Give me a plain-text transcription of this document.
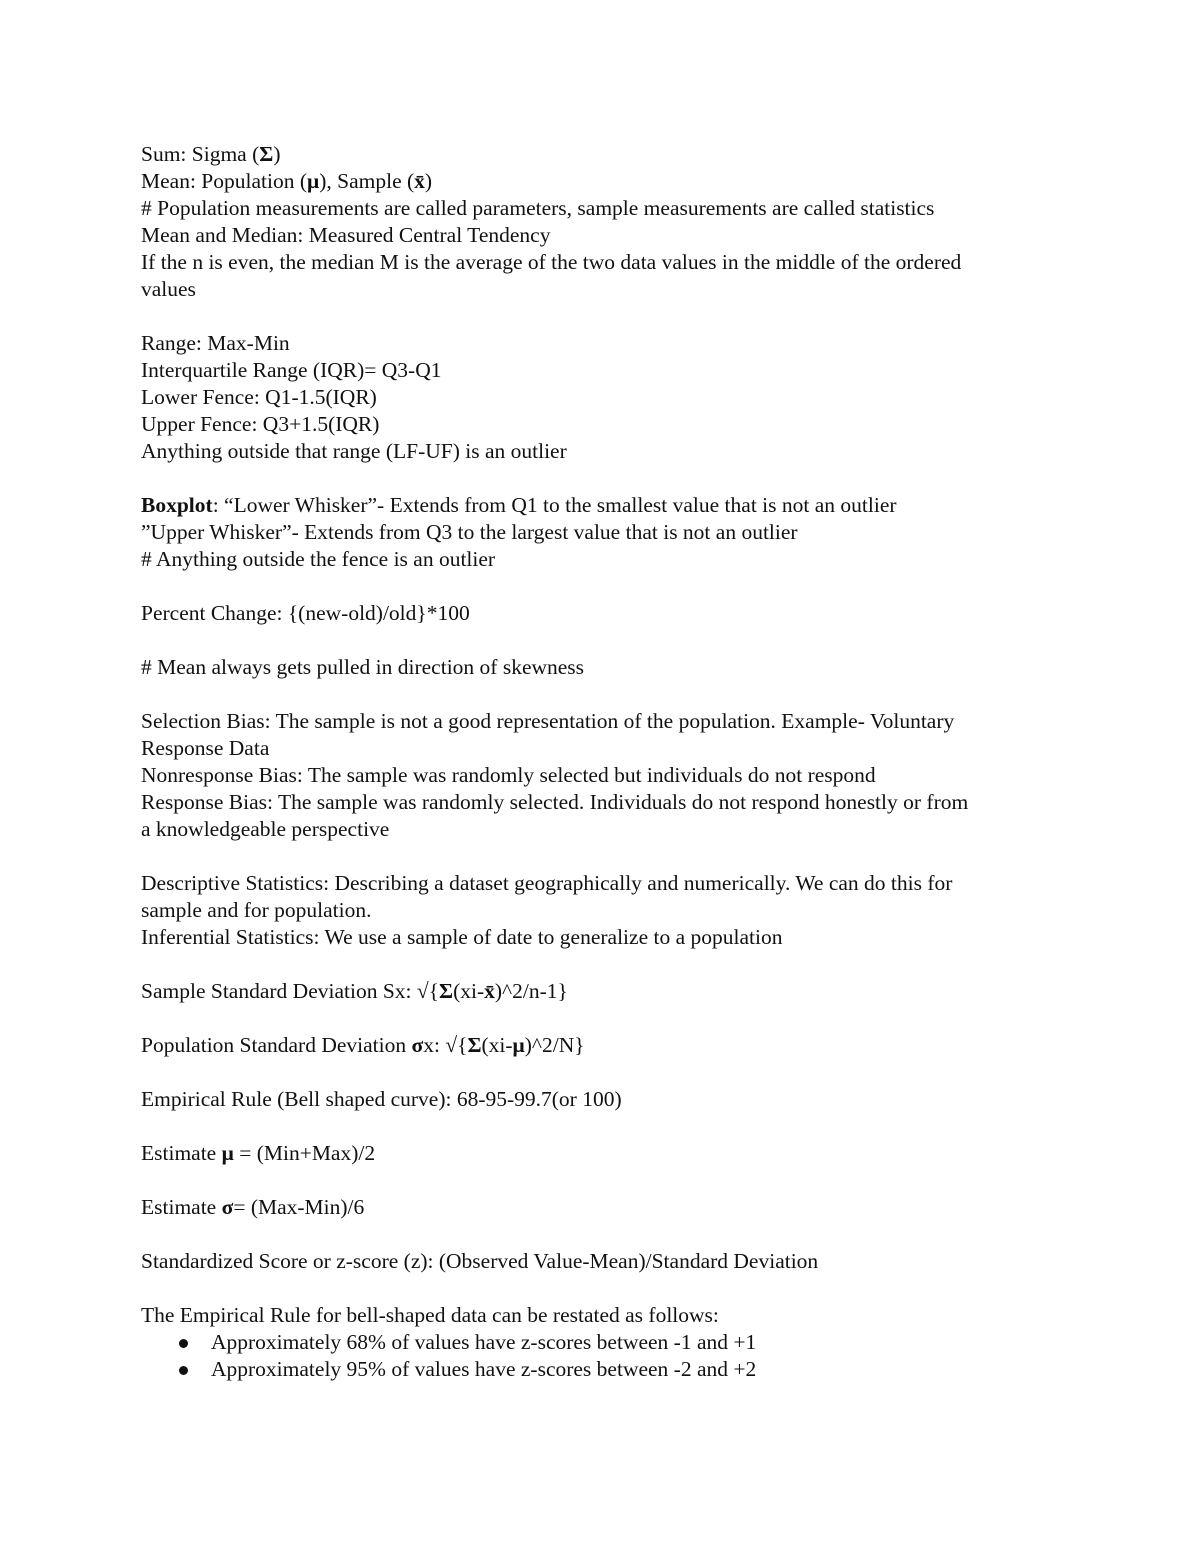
Sum: Sigma (Σ)
Mean: Population (μ), Sample (x̄)
# Population measurements are called parameters, sample measurements are called statistics
Mean and Median: Measured Central Tendency
If the n is even, the median M is the average of the two data values in the middle of the ordered
values
Range: Max-Min
Interquartile Range (IQR)= Q3-Q1
Lower Fence: Q1-1.5(IQR)
Upper Fence: Q3+1.5(IQR)
Anything outside that range (LF-UF) is an outlier
Boxplot: “Lower Whisker”- Extends from Q1 to the smallest value that is not an outlier
”Upper Whisker”- Extends from Q3 to the largest value that is not an outlier
# Anything outside the fence is an outlier
Percent Change: {(new-old)/old}*100
# Mean always gets pulled in direction of skewness
Selection Bias: The sample is not a good representation of the population. Example- Voluntary
Response Data
Nonresponse Bias: The sample was randomly selected but individuals do not respond
Response Bias: The sample was randomly selected. Individuals do not respond honestly or from
a knowledgeable perspective
Descriptive Statistics: Describing a dataset geographically and numerically. We can do this for
sample and for population.
Inferential Statistics: We use a sample of date to generalize to a population
Sample Standard Deviation Sx: √{Σ(xi-x̄)^2/n-1}
Population Standard Deviation σx: √{Σ(xi-μ)^2/N}
Empirical Rule (Bell shaped curve): 68-95-99.7(or 100)
Estimate μ = (Min+Max)/2
Estimate σ= (Max-Min)/6
Standardized Score or z-score (z): (Observed Value-Mean)/Standard Deviation
The Empirical Rule for bell-shaped data can be restated as follows:
Approximately 68% of values have z-scores between -1 and +1
Approximately 95% of values have z-scores between -2 and +2
